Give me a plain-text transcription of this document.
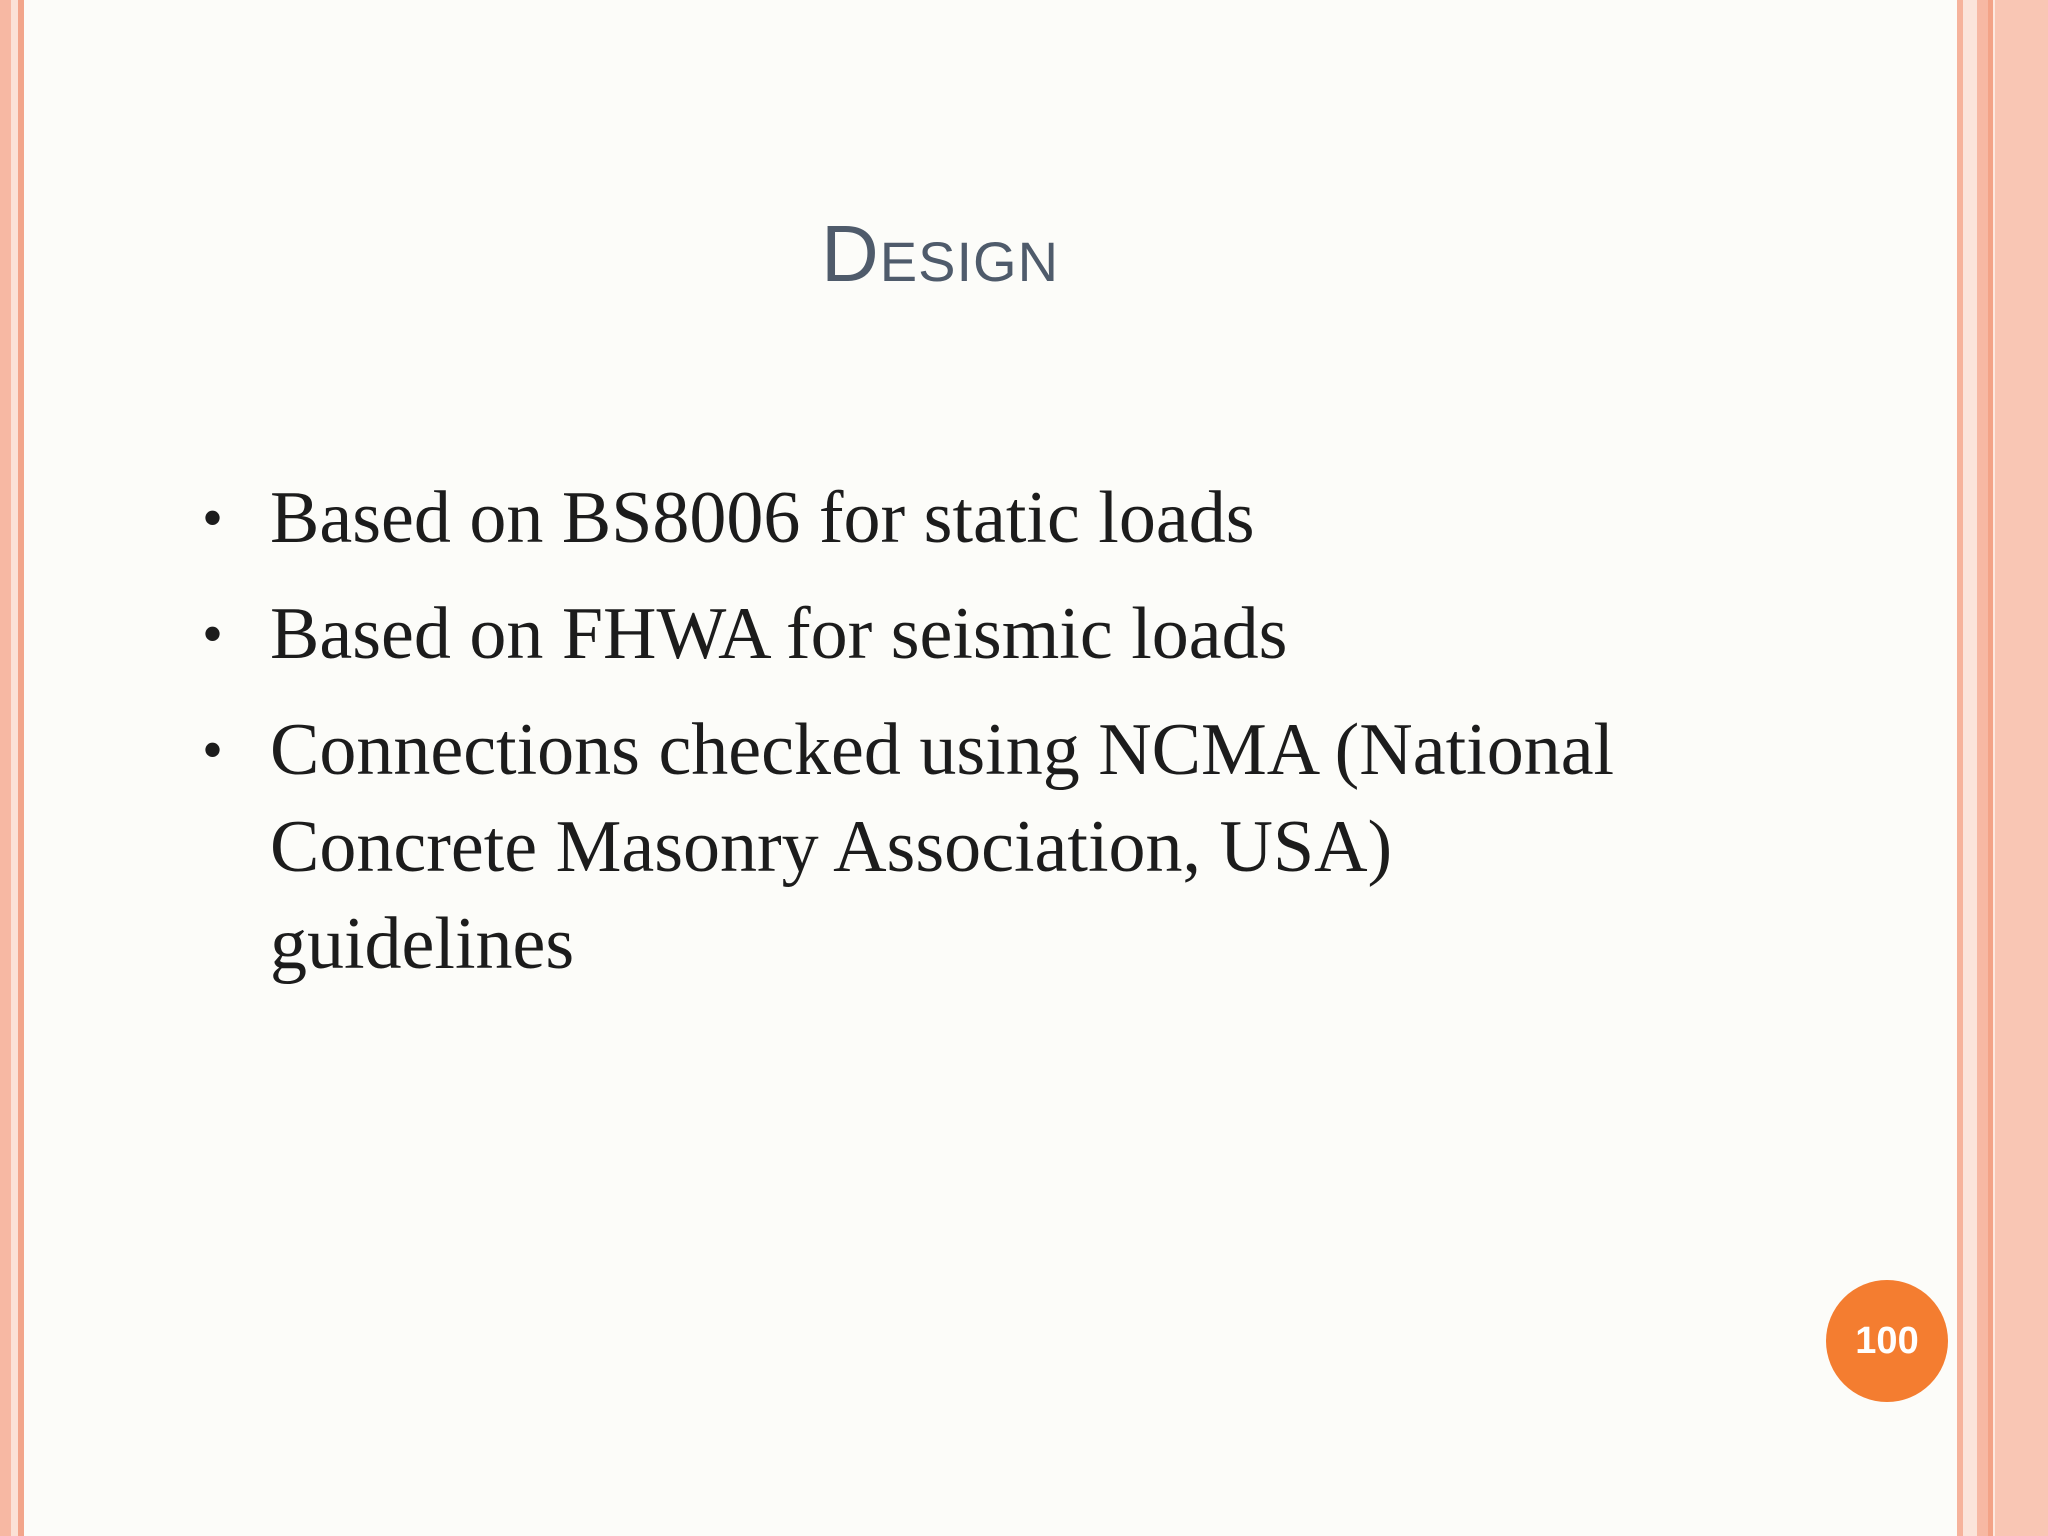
Design
• Based on BS8006 for static loads
• Based on FHWA for seismic loads
• Connections checked using NCMA (National Concrete Masonry Association, USA) guidelines
100
